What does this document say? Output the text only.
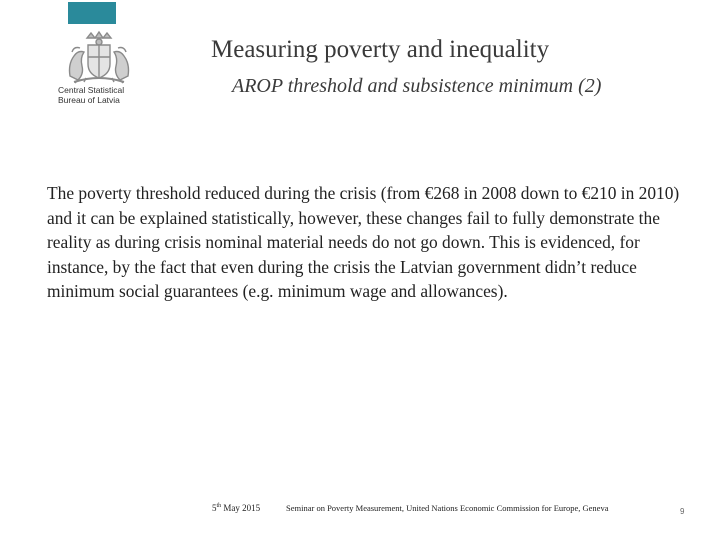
Central Statistical
Bureau of Latvia
Measuring poverty and inequality
AROP threshold and subsistence minimum (2)
The poverty threshold reduced during the crisis (from €268 in 2008 down to €210 in 2010) and it can be explained statistically, however, these changes fail to fully demonstrate the reality as during crisis nominal material needs do not go down. This is evidenced, for instance, by the fact that even during the crisis the Latvian government didn’t reduce minimum social guarantees (e.g. minimum wage and allowances).
5th May 2015	Seminar on Poverty Measurement, United Nations Economic Commission for Europe, Geneva	9
